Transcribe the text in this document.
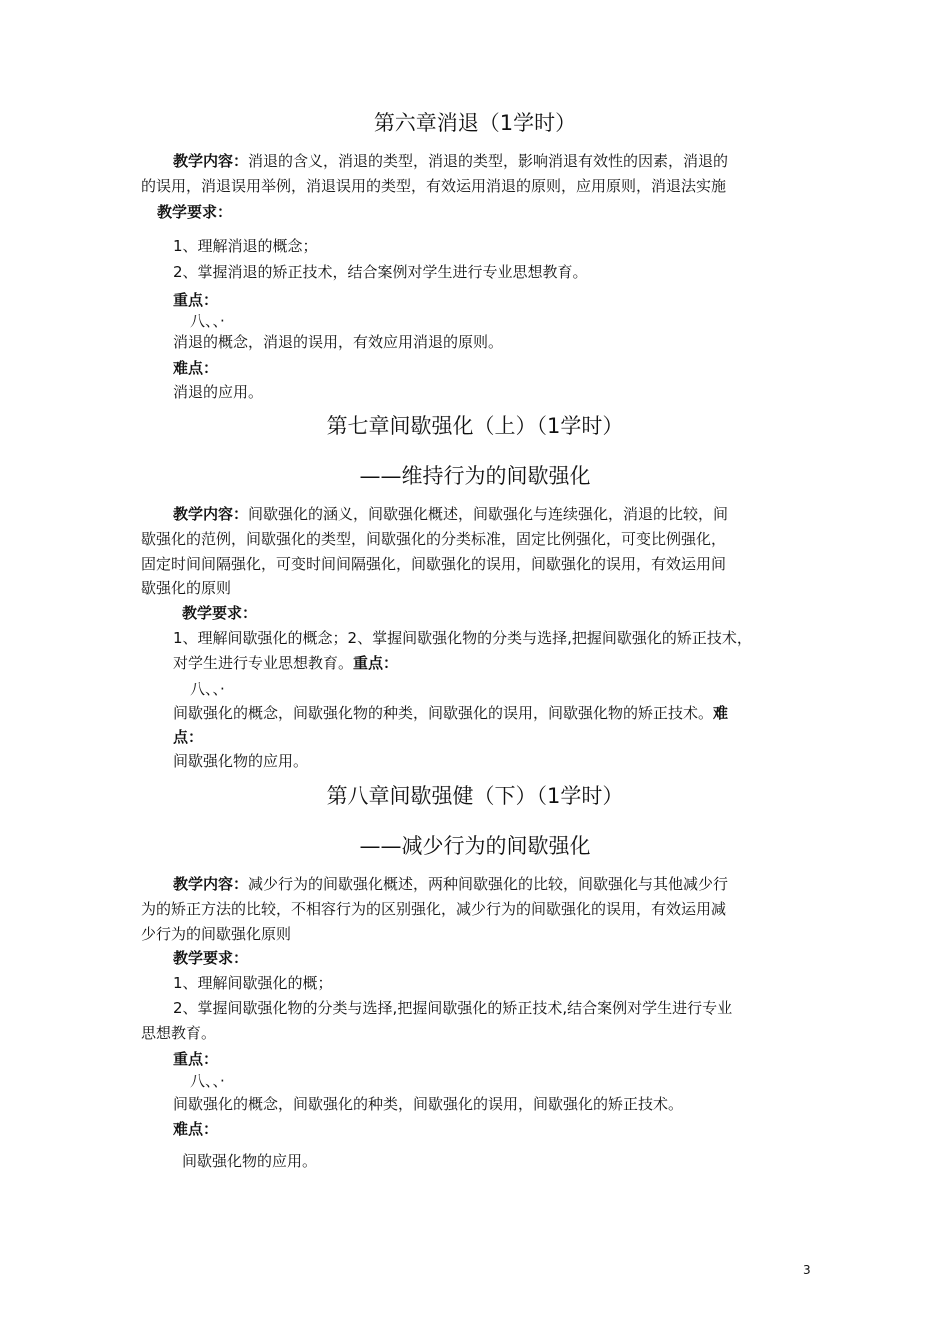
第六章消退（1学时）
教学内容：消退的含义，消退的类型，消退的类型，影响消退有效性的因素，消退的
的误用，消退误用举例，消退误用的类型，有效运用消退的原则，应用原则，消退法实施
教学要求：
1、理解消退的概念；
2、掌握消退的矫正技术，结合案例对学生进行专业思想教育。
重点：
八、、·
消退的概念，消退的误用，有效应用消退的原则。
难点：
消退的应用。
第七章间歇强化（上）（1学时）
——维持行为的间歇强化
教学内容：间歇强化的涵义，间歇强化概述，间歇强化与连续强化，消退的比较，间
歇强化的范例，间歇强化的类型，间歇强化的分类标准，固定比例强化，可变比例强化，
固定时间间隔强化，可变时间间隔强化，间歇强化的误用，间歇强化的误用，有效运用间
歇强化的原则
教学要求：
1、理解间歇强化的概念；2、掌握间歇强化物的分类与选择,把握间歇强化的矫正技术，
对学生进行专业思想教育。重点：
八、、·
间歇强化的概念，间歇强化物的种类，间歇强化的误用，间歇强化物的矫正技术。难
点：
间歇强化物的应用。
第八章间歇强健（下）（1学时）
——减少行为的间歇强化
教学内容：减少行为的间歇强化概述，两种间歇强化的比较，间歇强化与其他减少行
为的矫正方法的比较，不相容行为的区别强化，减少行为的间歇强化的误用，有效运用减
少行为的间歇强化原则
教学要求：
1、理解间歇强化的概；
2、掌握间歇强化物的分类与选择,把握间歇强化的矫正技术,结合案例对学生进行专业
思想教育。
重点：
八、、·
间歇强化的概念，间歇强化的种类，间歇强化的误用，间歇强化的矫正技术。
难点：
间歇强化物的应用。
3
